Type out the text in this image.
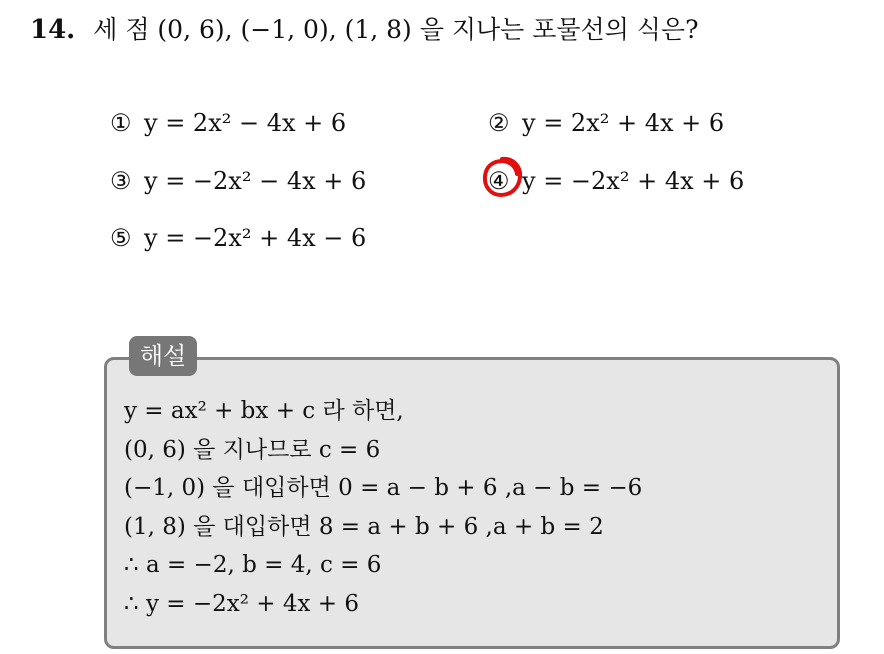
14. 세 점 (0, 6), (−1, 0), (1, 8) 을 지나는 포물선의 식은?
① y = 2x² − 4x + 6	② y = 2x² + 4x + 6
③ y = −2x² − 4x + 6	④ y = −2x² + 4x + 6
⑤ y = −2x² + 4x − 6
해설
y = ax² + bx + c 라 하면,
(0, 6) 을 지나므로 c = 6
(−1, 0) 을 대입하면 0 = a − b + 6 ,a − b = −6
(1, 8) 을 대입하면 8 = a + b + 6 ,a + b = 2
∴ a = −2, b = 4, c = 6
∴ y = −2x² + 4x + 6
